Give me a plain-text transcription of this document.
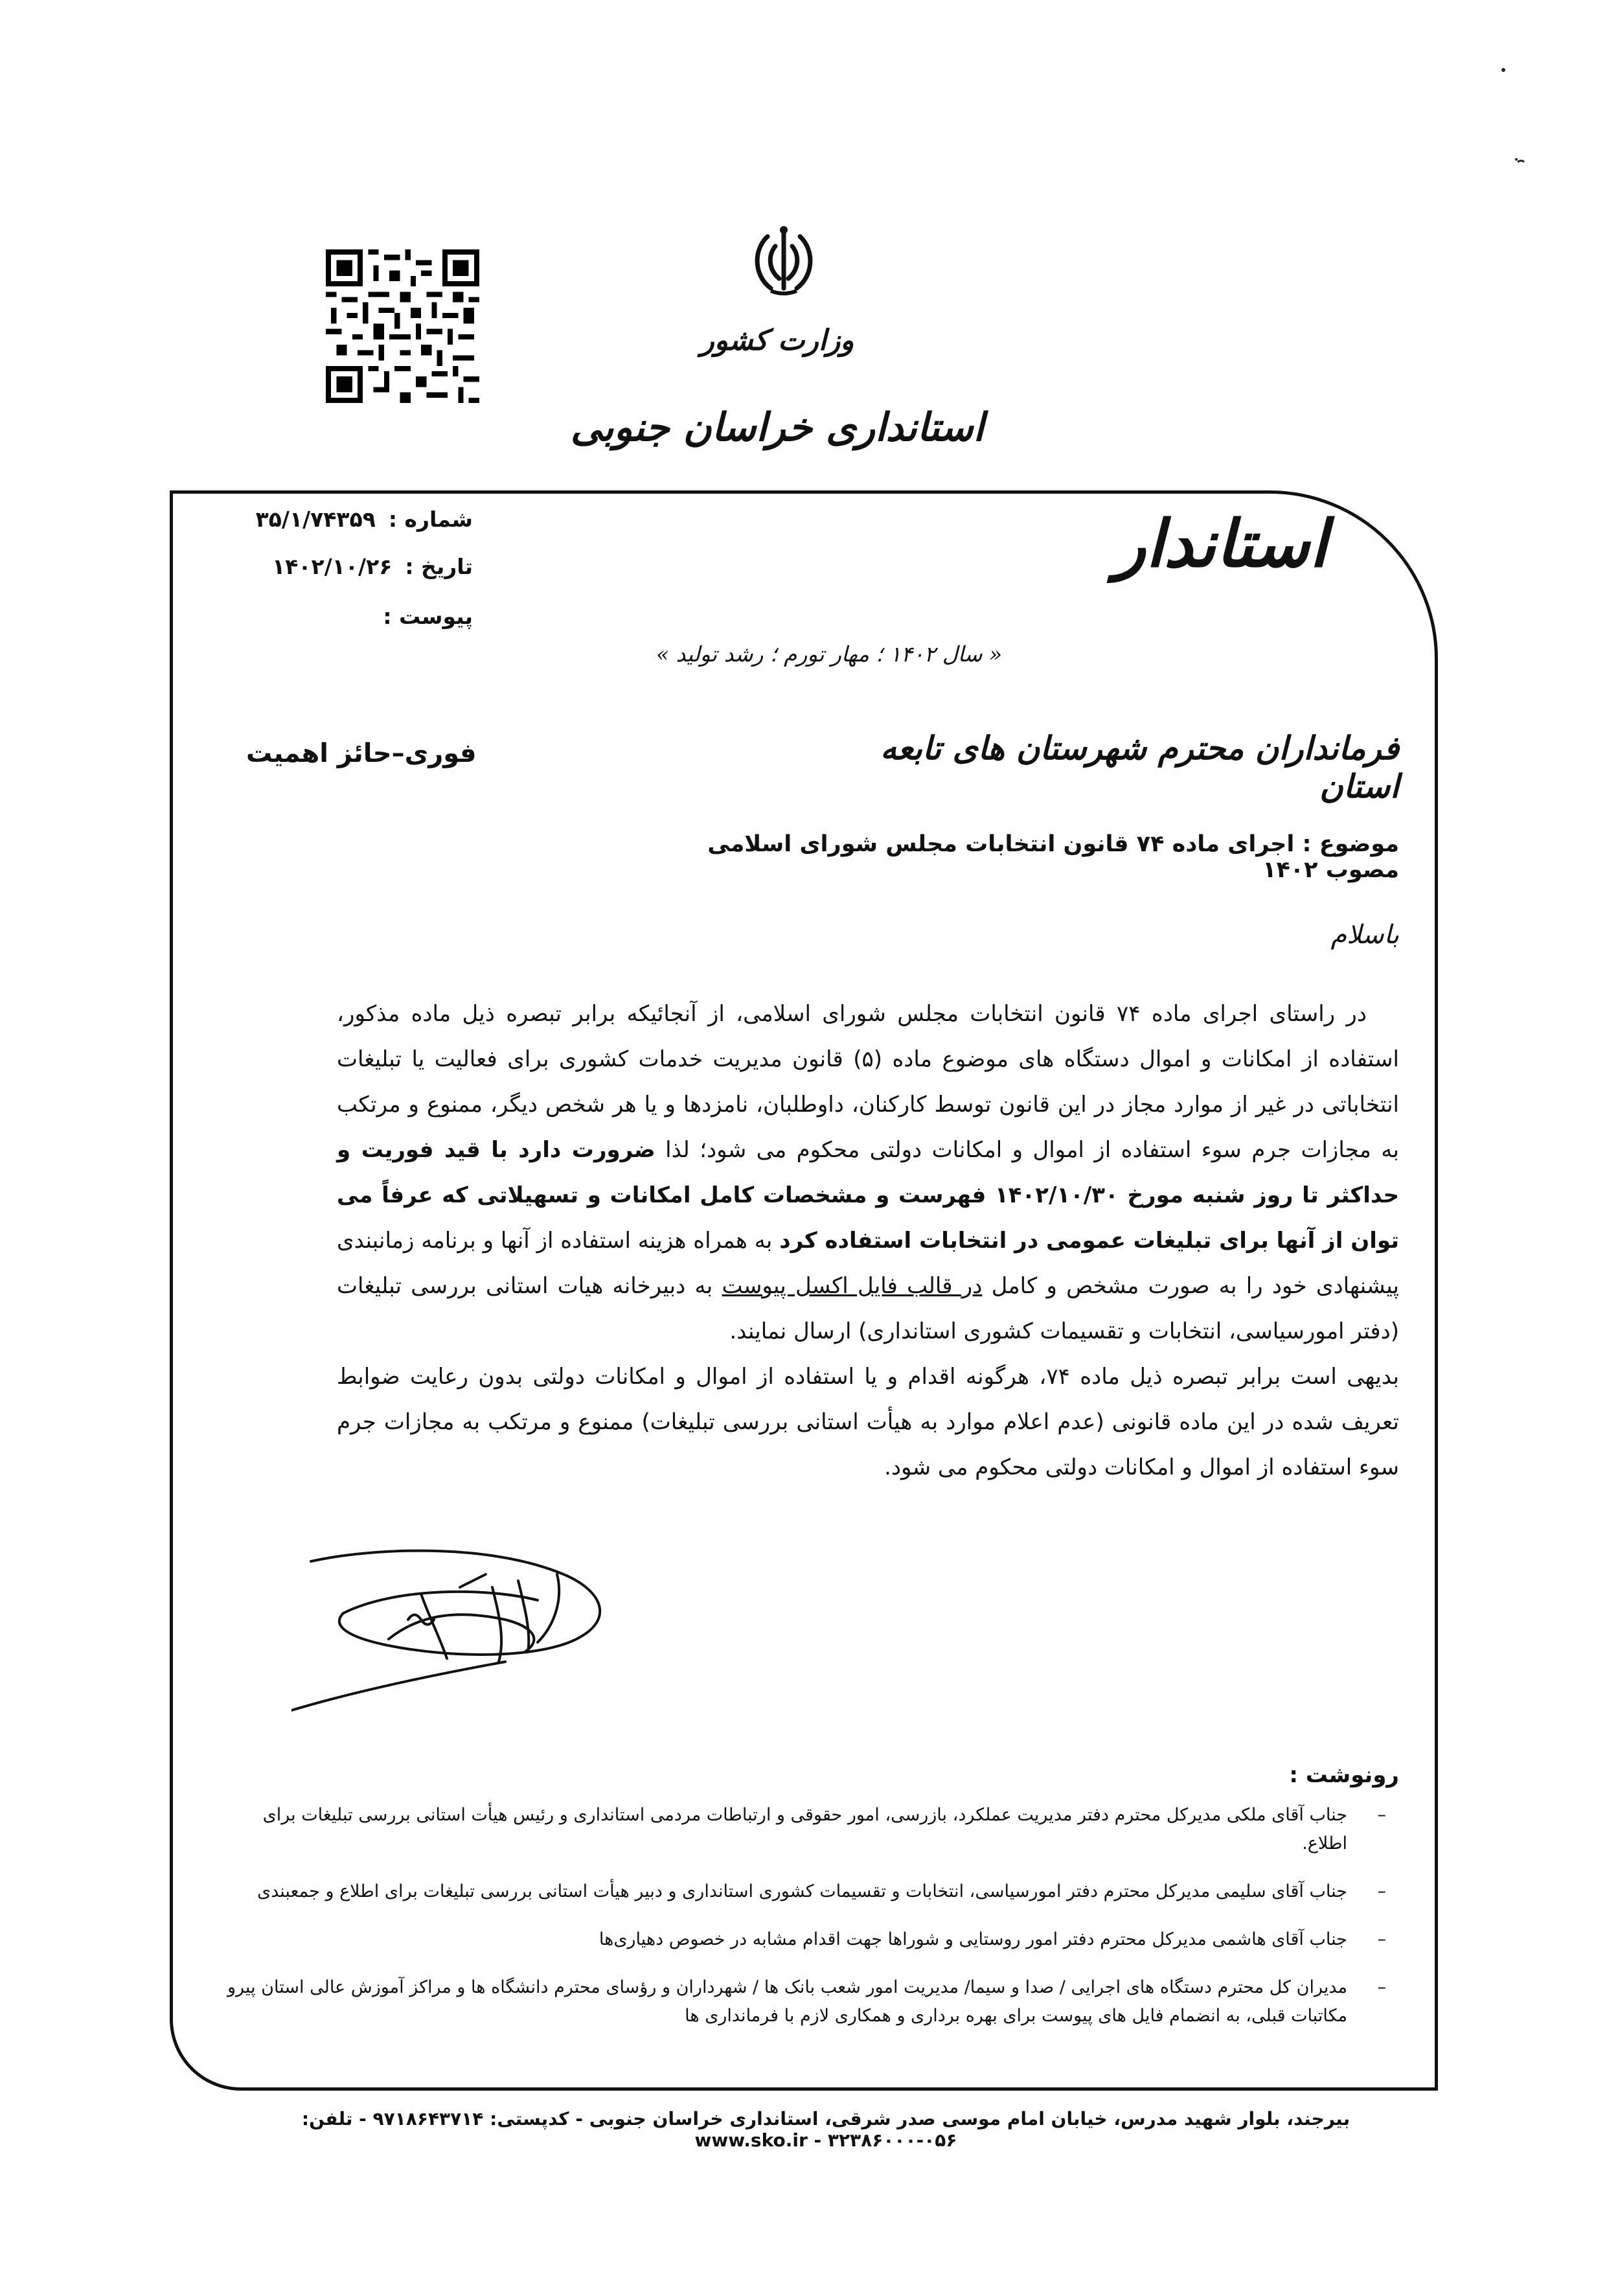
وزارت کشور
استانداری خراسان جنوبی
استاندار
شماره :
۳۵/۱/۷۴۳۵۹
تاریخ :
۱۴۰۲/۱۰/۲۶
پیوست :
« سال ۱۴۰۲ ؛ مهار تورم ؛ رشد تولید »
فرمانداران محترم شهرستان های تابعه استان
فوری–حائز اهمیت
موضوع : اجرای ماده ۷۴ قانون انتخابات مجلس شورای اسلامی مصوب ۱۴۰۲
باسلام

در راستای اجرای ماده ۷۴ قانون انتخابات مجلس شورای اسلامی، از آنجائیکه برابر تبصره ذیل ماده مذکور، استفاده از امکانات و اموال دستگاه های موضوع ماده (۵) قانون مدیریت خدمات کشوری برای فعالیت یا تبلیغات انتخاباتی در غیر از موارد مجاز در این قانون توسط کارکنان، داوطلبان، نامزدها و یا هر شخص دیگر، ممنوع و مرتکب به مجازات جرم سوء استفاده از اموال و امکانات دولتی محکوم می شود؛ لذا ضرورت دارد با قید فوریت و حداکثر تا روز شنبه مورخ ۱۴۰۲/۱۰/۳۰ فهرست و مشخصات کامل امکانات و تسهیلاتی که عرفاً می توان از آنها برای تبلیغات عمومی در انتخابات استفاده کرد به همراه هزینه استفاده از آنها و برنامه زمانبندی پیشنهادی خود را به صورت مشخص و کامل در قالب فایل اکسل پیوست به دبیرخانه هیات استانی بررسی تبلیغات (دفتر امورسیاسی، انتخابات و تقسیمات کشوری استانداری) ارسال نمایند.

بدیهی است برابر تبصره ذیل ماده ۷۴، هرگونه اقدام و یا استفاده از اموال و امکانات دولتی بدون رعایت ضوابط تعریف شده در این ماده قانونی (عدم اعلام موارد به هیأت استانی بررسی تبلیغات) ممنوع و مرتکب به مجازات جرم سوء استفاده از اموال و امکانات دولتی محکوم می شود.

رونوشت :
–
جناب آقای ملکی مدیرکل محترم دفتر مدیریت عملکرد، بازرسی، امور حقوقی و ارتباطات مردمی استانداری و رئیس هیأت استانی بررسی تبلیغات برای اطلاع.
–
جناب آقای سلیمی مدیرکل محترم دفتر امورسیاسی، انتخابات و تقسیمات کشوری استانداری و دبیر هیأت استانی بررسی تبلیغات برای اطلاع و جمعبندی
–
جناب آقای هاشمی مدیرکل محترم دفتر امور روستایی و شوراها جهت اقدام مشابه در خصوص دهیاری‌ها
–
مدیران کل محترم دستگاه های اجرایی / صدا و سیما/ مدیریت امور شعب بانک ها / شهرداران و رؤسای محترم دانشگاه ها و مراکز آموزش عالی استان پیرو مکاتبات قبلی، به انضمام فایل های پیوست برای بهره برداری و همکاری لازم با فرمانداری ها
بیرجند، بلوار شهید مدرس، خیابان امام موسی صدر شرقی، استانداری خراسان جنوبی - کدپستی: ۹۷۱۸۶۴۳۷۱۴ - تلفن: ۰۵۶-۳۲۳۸۶۰۰۰ - www.sko.ir
